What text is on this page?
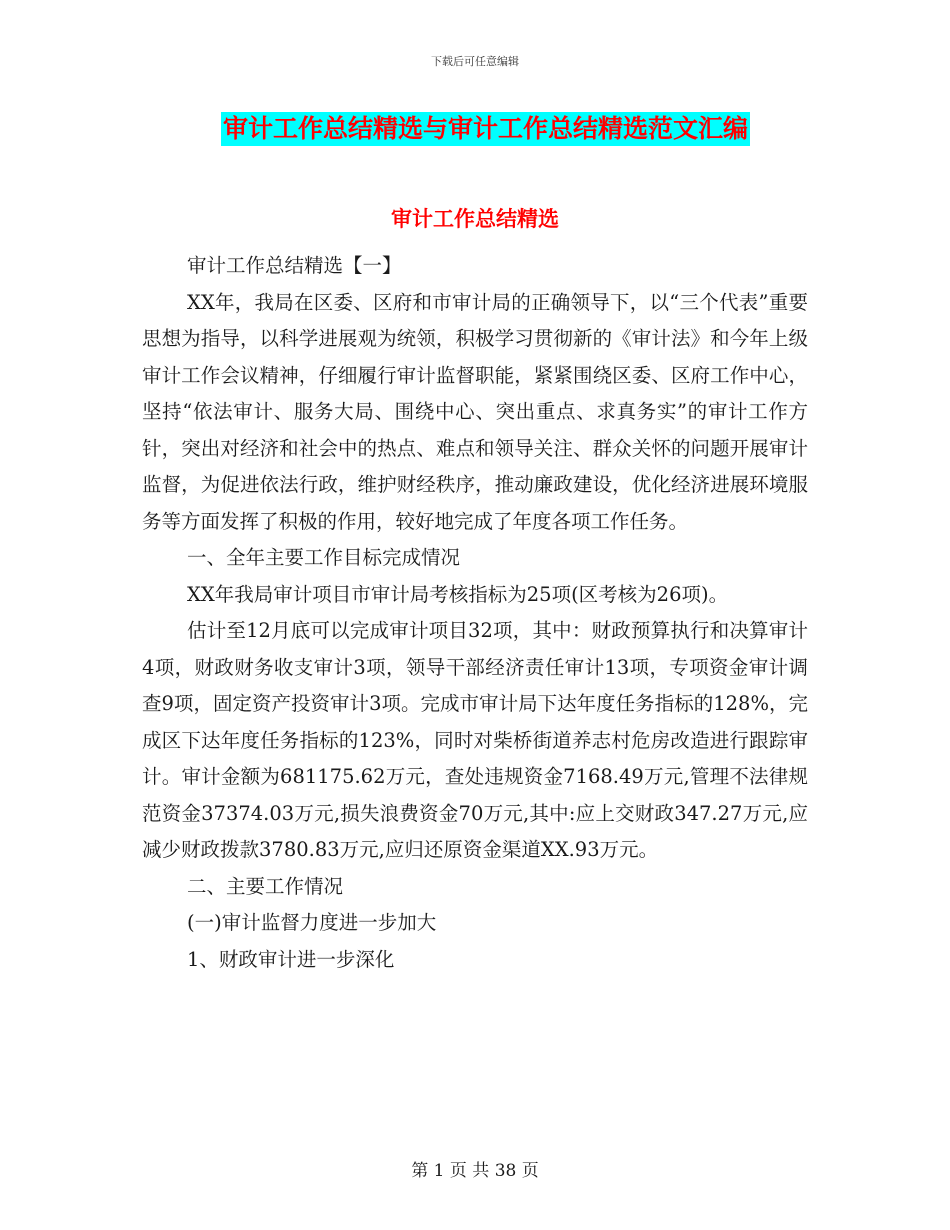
下载后可任意编辑
审计工作总结精选与审计工作总结精选范文汇编
审计工作总结精选

审计工作总结精选【一】

XX年，我局在区委、区府和市审计局的正确领导下，以“三个代表”重要思想为指导，以科学进展观为统领，积极学习贯彻新的《审计法》和今年上级审计工作会议精神，仔细履行审计监督职能，紧紧围绕区委、区府工作中心，坚持“依法审计、服务大局、围绕中心、突出重点、求真务实”的审计工作方针，突出对经济和社会中的热点、难点和领导关注、群众关怀的问题开展审计监督，为促进依法行政，维护财经秩序，推动廉政建设，优化经济进展环境服务等方面发挥了积极的作用，较好地完成了年度各项工作任务。

一、全年主要工作目标完成情况

XX年我局审计项目市审计局考核指标为25项(区考核为26项)。

估计至12月底可以完成审计项目32项，其中：财政预算执行和决算审计4项，财政财务收支审计3项，领导干部经济责任审计13项，专项资金审计调查9项，固定资产投资审计3项。完成市审计局下达年度任务指标的128%，完成区下达年度任务指标的123%，同时对柴桥街道养志村危房改造进行跟踪审计。审计金额为681175.62万元，查处违规资金7168.49万元,管理不法律规范资金37374.03万元,损失浪费资金70万元,其中:应上交财政347.27万元,应减少财政拨款3780.83万元,应归还原资金渠道XX.93万元。

二、主要工作情况

(一)审计监督力度进一步加大

1、财政审计进一步深化

第 1 页 共 38 页
